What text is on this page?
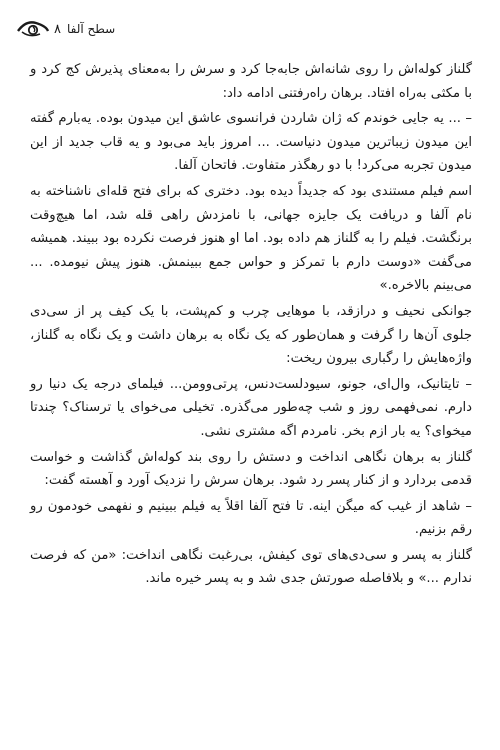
۸ سطح آلفا

گلناز کوله‌اش را روی شانه‌اش جابه‌جا کرد و سرش را به‌معنای پذیرش کج کرد و با مکثی به‌راه افتاد. برهان راه‌رفتنی ادامه داد:

– ... یه جایی خوندم که ژان شاردن فرانسوی عاشق این میدون بوده. یه‌بارم گفته این میدون زیباترین میدون دنیاست. ... امروز باید می‌بود و یه قاب جدید از این میدون تجربه می‌کرد! با دو رهگذر متفاوت. فاتحان آلفا.

اسم فیلم مستندی بود که جدیداً دیده بود. دختری که برای فتح قله‌ای ناشناخته به نام آلفا و دریافت یک جایزه جهانی، با نامزدش راهی قله شد، اما هیچ‌وقت برنگشت. فیلم را به گلناز هم داده بود. اما او هنوز فرصت نکرده بود ببیند. همیشه می‌گفت «دوست دارم با تمرکز و حواس جمع ببینمش. هنوز پیش نیومده. ... می‌بینم بالاخره.»

جوانکی نحیف و درازقد، با موهایی چرب و کم‌پشت، با یک کیف پر از سی‌دی جلوی آن‌ها را گرفت و همان‌طور که یک نگاه به برهان داشت و یک نگاه به گلناز، واژه‌هایش را رگباری بیرون ریخت:

– تایتانیک، وال‌ای، جونو، سیودلست‌دنس، پرتی‌وومن... فیلمای درجه یک دنیا رو دارم. نمی‌فهمی روز و شب چه‌طور می‌گذره. تخیلی می‌خوای یا ترسناک؟ چندتا میخوای؟ یه بار ازم بخر. نامردم اگه مشتری نشی.

گلناز به برهان نگاهی انداخت و دستش را روی بند کوله‌اش گذاشت و خواست قدمی بردارد و از کنار پسر رد شود. برهان سرش را نزدیک آورد و آهسته گفت:

– شاهد از غیب که میگن اینه. تا فتح آلفا اقلاً یه فیلم ببینیم و نفهمی خودمون رو رقم بزنیم.

گلناز به پسر و سی‌دی‌های توی کیفش، بی‌رغبت نگاهی انداخت: «من که فرصت ندارم ...» و بلافاصله صورتش جدی شد و به پسر خیره ماند.
